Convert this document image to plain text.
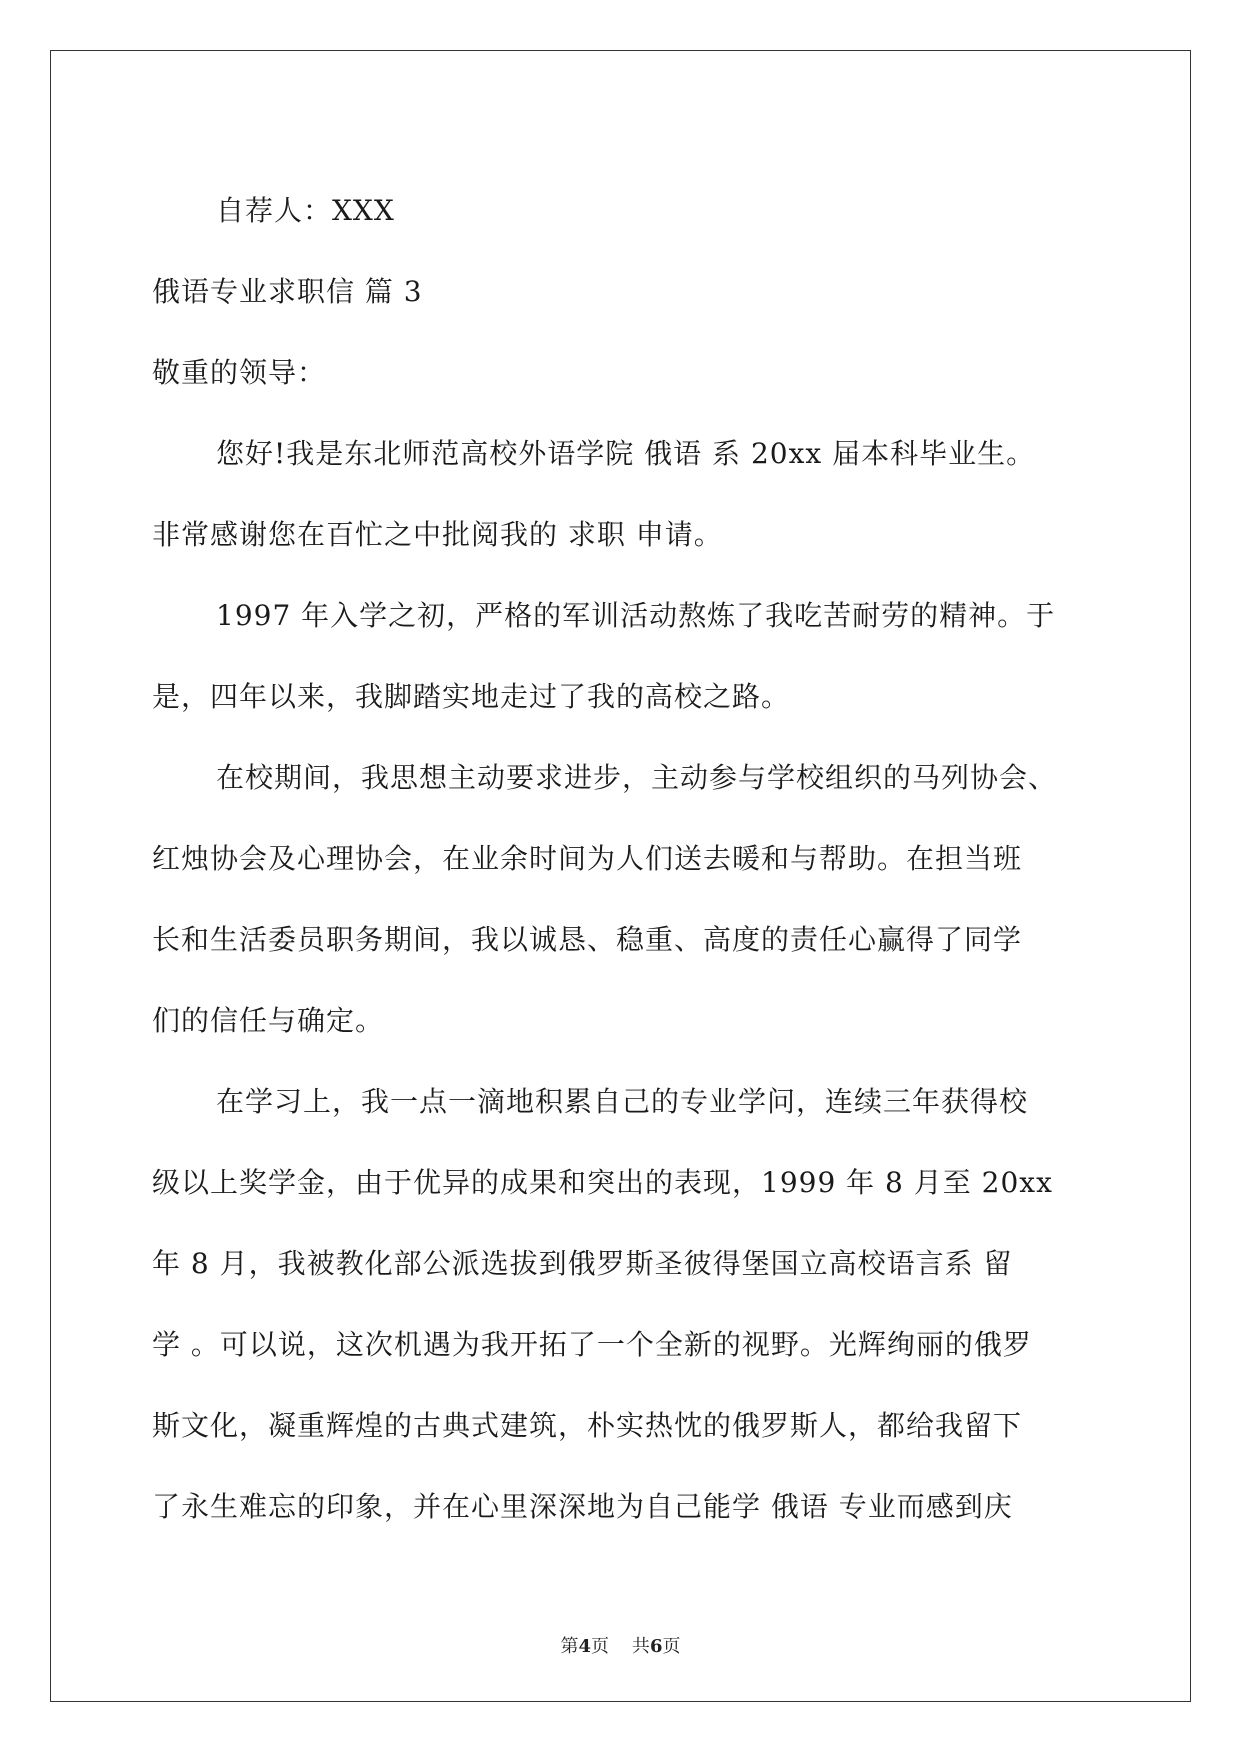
自荐人：XXX
俄语专业求职信 篇 3
敬重的领导：
您好!我是东北师范高校外语学院 俄语 系 20xx 届本科毕业生。
非常感谢您在百忙之中批阅我的 求职 申请。
1997 年入学之初，严格的军训活动熬炼了我吃苦耐劳的精神。于
是，四年以来，我脚踏实地走过了我的高校之路。
在校期间，我思想主动要求进步，主动参与学校组织的马列协会、
红烛协会及心理协会，在业余时间为人们送去暖和与帮助。在担当班
长和生活委员职务期间，我以诚恳、稳重、高度的责任心赢得了同学
们的信任与确定。
在学习上，我一点一滴地积累自己的专业学问，连续三年获得校
级以上奖学金，由于优异的成果和突出的表现，1999 年 8 月至 20xx
年 8 月，我被教化部公派选拔到俄罗斯圣彼得堡国立高校语言系 留
学 。可以说，这次机遇为我开拓了一个全新的视野。光辉绚丽的俄罗
斯文化，凝重辉煌的古典式建筑，朴实热忱的俄罗斯人，都给我留下
了永生难忘的印象，并在心里深深地为自己能学 俄语 专业而感到庆
第4页    共6页
